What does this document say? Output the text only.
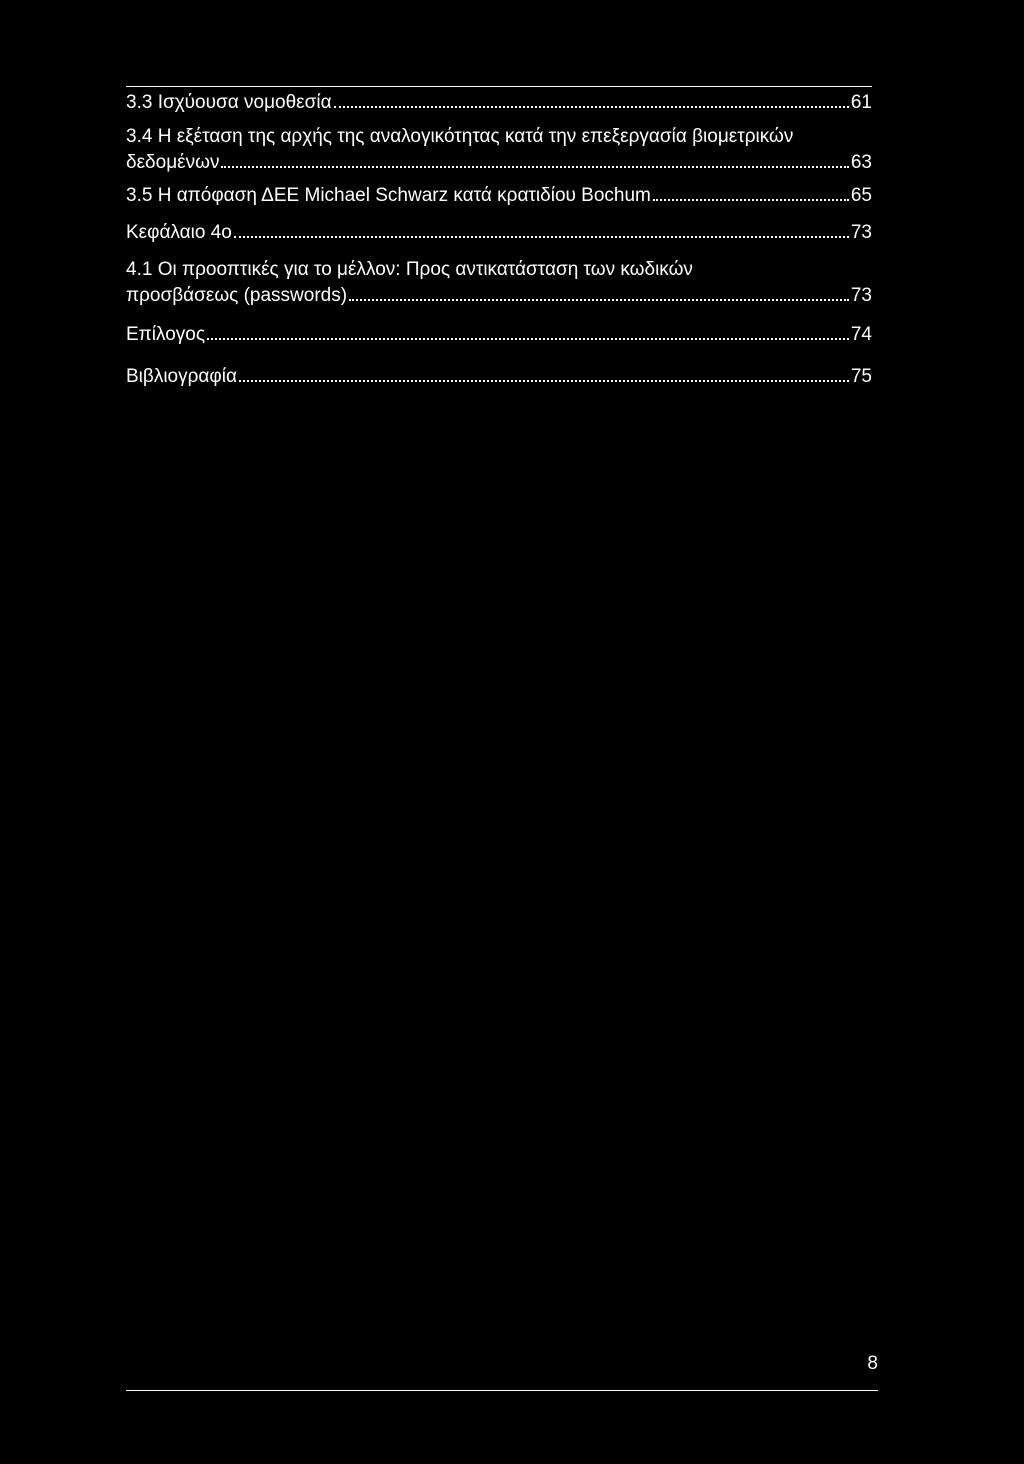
3.3 Ισχύουσα νομοθεσία	61
3.4 Η εξέταση της αρχής της αναλογικότητας κατά την επεξεργασία βιομετρικών
δεδομένων	63
3.5 Η απόφαση ΔΕΕ Michael Schwarz κατά κρατιδίου Bochum	65
Κεφάλαιο 4ο	73
4.1 Οι προοπτικές για το μέλλον: Προς αντικατάσταση των κωδικών
προσβάσεως (passwords)	73
Επίλογος	74
Βιβλιογραφία	75
8
